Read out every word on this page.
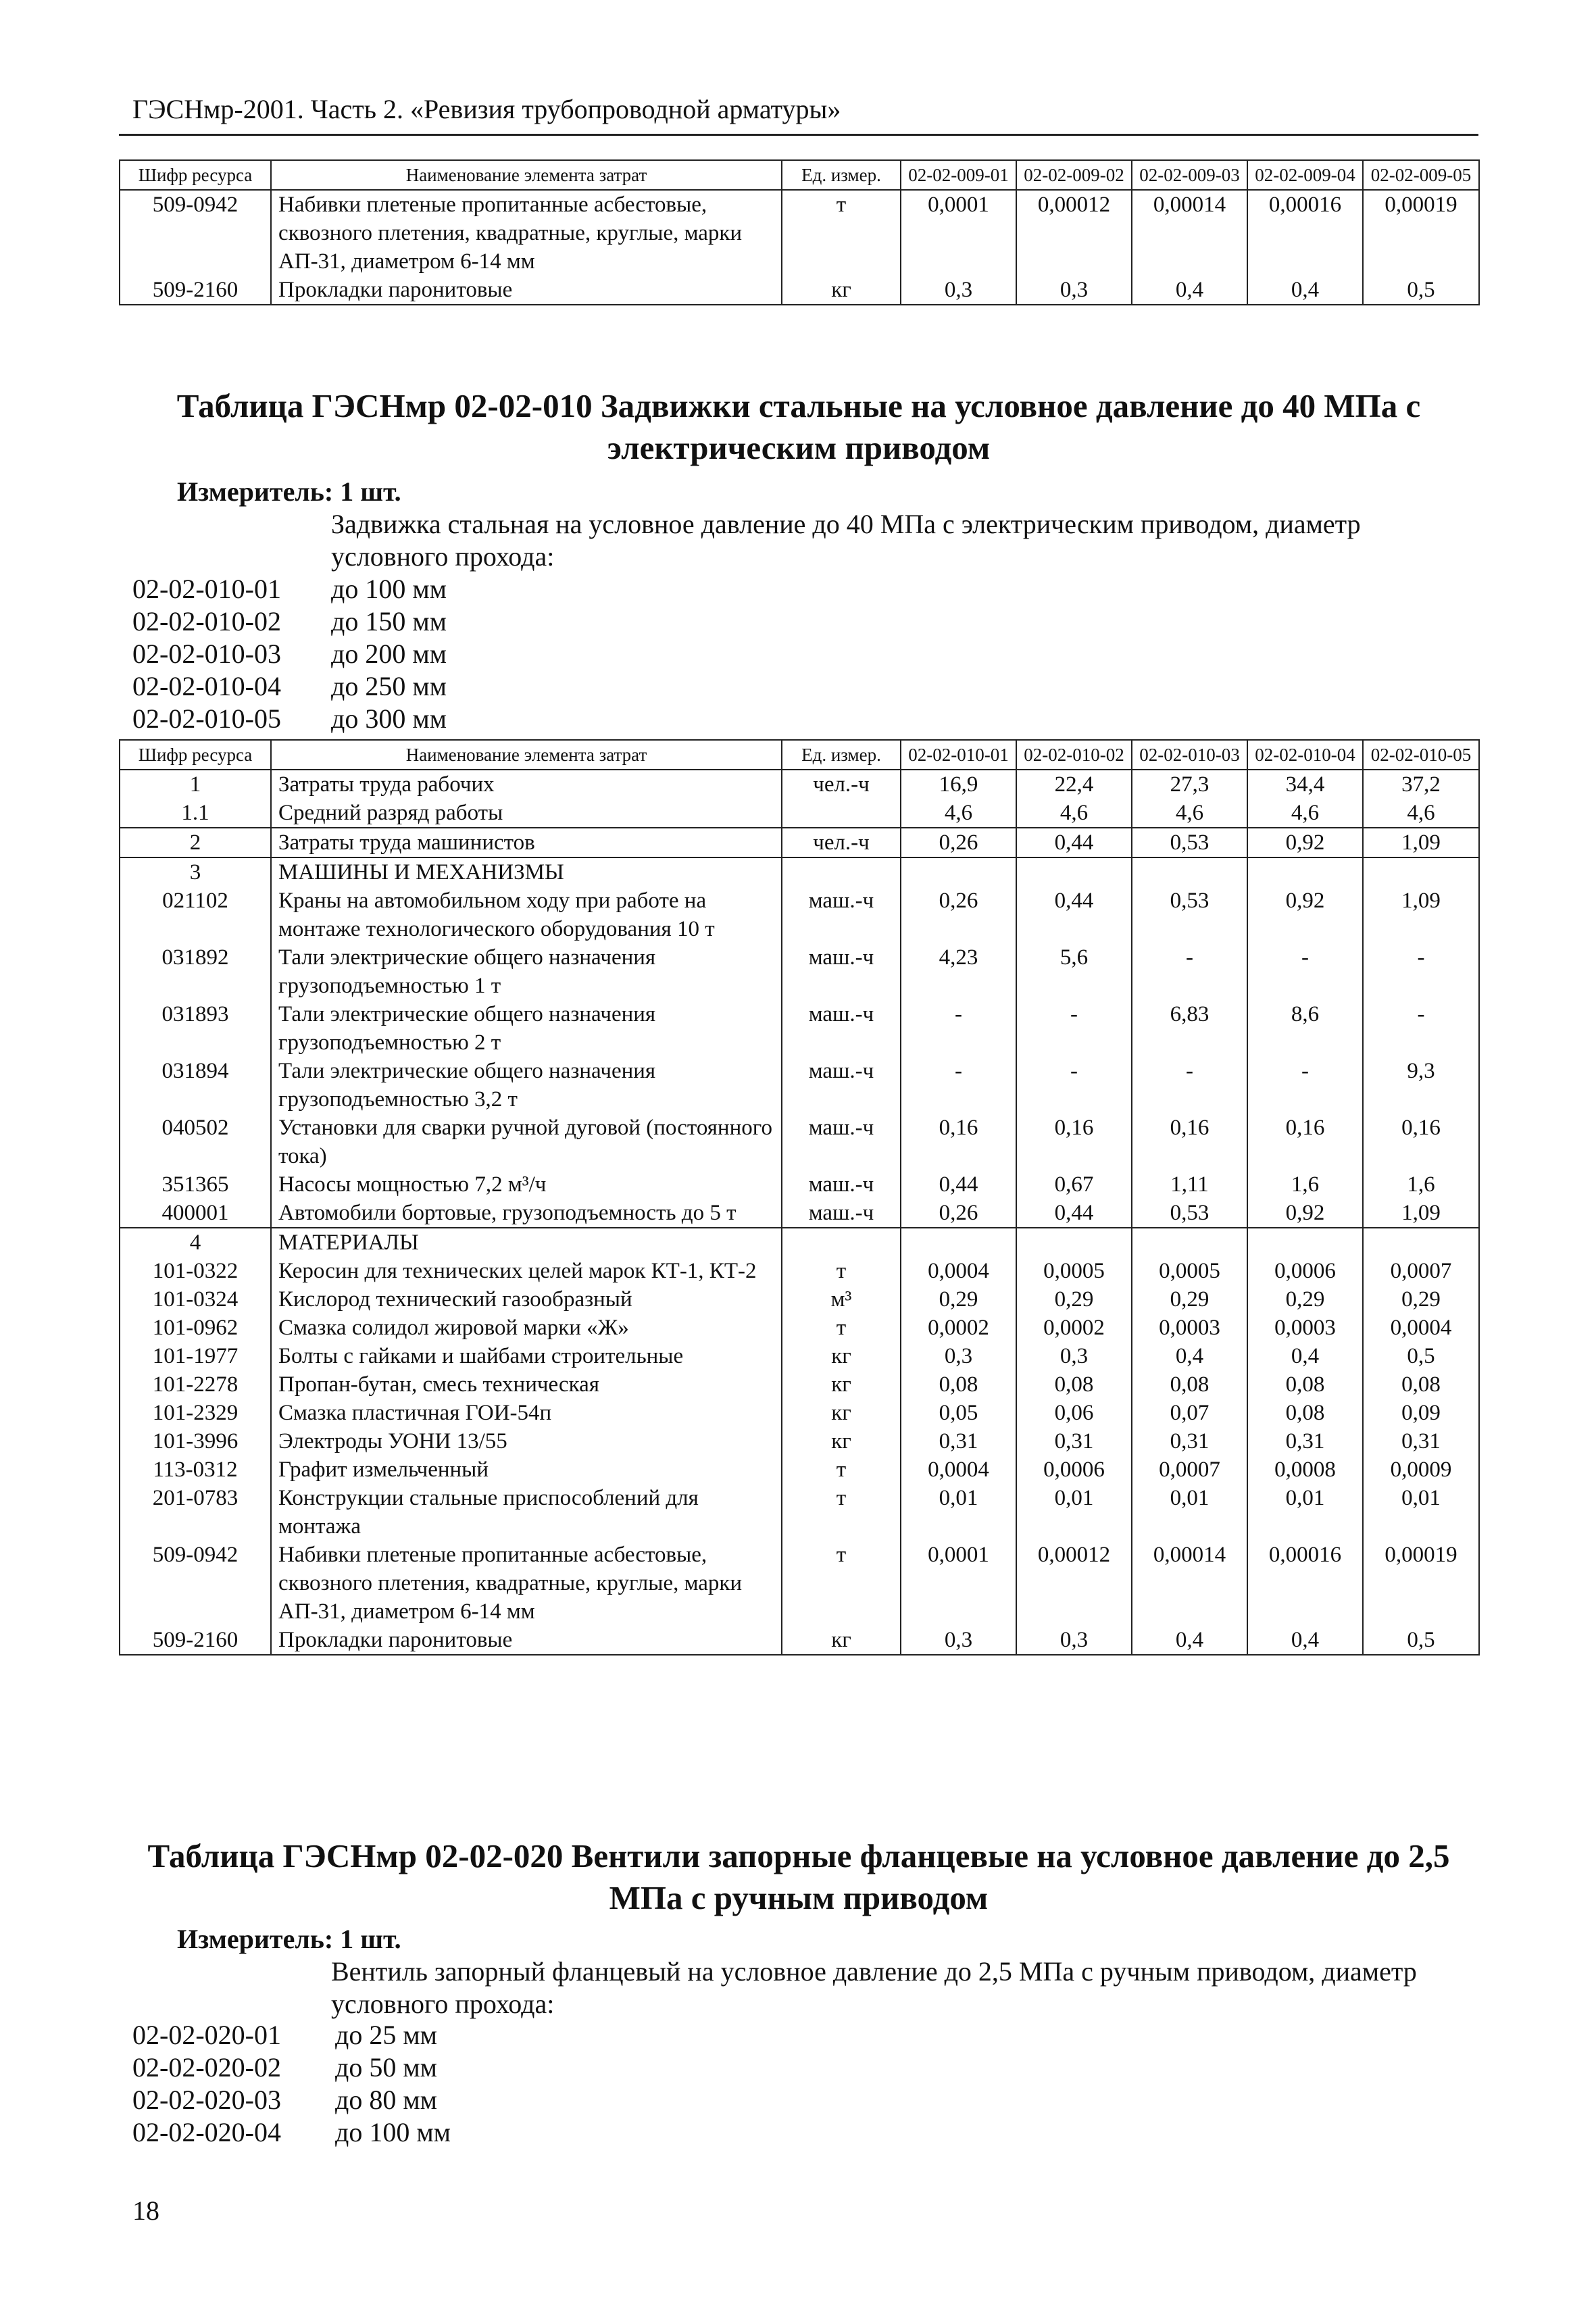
ГЭСНмр-2001. Часть 2. «Ревизия трубопроводной арматуры»
Шифр ресурса	Наименование элемента затрат	Ед. измер.	02-02-009-01	02-02-009-02	02-02-009-03	02-02-009-04	02-02-009-05
509-0942	Набивки плетеные пропитанные асбестовые, сквозного плетения, квадратные, круглые, марки АП-31, диаметром 6-14 мм	т	0,0001	0,00012	0,00014	0,00016	0,00019
509-2160	Прокладки паронитовые	кг	0,3	0,3	0,4	0,4	0,5
Таблица ГЭСНмр 02-02-010 Задвижки стальные на условное давление до 40 МПа с электрическим приводом
Измеритель: 1 шт.
Задвижка стальная на условное давление до 40 МПа с электрическим приводом, диаметр условного прохода:
02-02-010-01	до 100 мм
02-02-010-02	до 150 мм
02-02-010-03	до 200 мм
02-02-010-04	до 250 мм
02-02-010-05	до 300 мм
Шифр ресурса	Наименование элемента затрат	Ед. измер.	02-02-010-01	02-02-010-02	02-02-010-03	02-02-010-04	02-02-010-05
1	Затраты труда рабочих	чел.-ч	16,9	22,4	27,3	34,4	37,2
1.1	Средний разряд работы		4,6	4,6	4,6	4,6	4,6
2	Затраты труда машинистов	чел.-ч	0,26	0,44	0,53	0,92	1,09
3	МАШИНЫ И МЕХАНИЗМЫ						
021102	Краны на автомобильном ходу при работе на монтаже технологического оборудования 10 т	маш.-ч	0,26	0,44	0,53	0,92	1,09
031892	Тали электрические общего назначения грузоподъемностью 1 т	маш.-ч	4,23	5,6	-	-	-
031893	Тали электрические общего назначения грузоподъемностью 2 т	маш.-ч	-	-	6,83	8,6	-
031894	Тали электрические общего назначения грузоподъемностью 3,2 т	маш.-ч	-	-	-	-	9,3
040502	Установки для сварки ручной дуговой (постоянного тока)	маш.-ч	0,16	0,16	0,16	0,16	0,16
351365	Насосы мощностью 7,2 м³/ч	маш.-ч	0,44	0,67	1,11	1,6	1,6
400001	Автомобили бортовые, грузоподъемность до 5 т	маш.-ч	0,26	0,44	0,53	0,92	1,09
4	МАТЕРИАЛЫ						
101-0322	Керосин для технических целей марок КТ-1, КТ-2	т	0,0004	0,0005	0,0005	0,0006	0,0007
101-0324	Кислород технический газообразный	м³	0,29	0,29	0,29	0,29	0,29
101-0962	Смазка солидол жировой марки «Ж»	т	0,0002	0,0002	0,0003	0,0003	0,0004
101-1977	Болты с гайками и шайбами строительные	кг	0,3	0,3	0,4	0,4	0,5
101-2278	Пропан-бутан, смесь техническая	кг	0,08	0,08	0,08	0,08	0,08
101-2329	Смазка пластичная ГОИ-54п	кг	0,05	0,06	0,07	0,08	0,09
101-3996	Электроды УОНИ 13/55	кг	0,31	0,31	0,31	0,31	0,31
113-0312	Графит измельченный	т	0,0004	0,0006	0,0007	0,0008	0,0009
201-0783	Конструкции стальные приспособлений для монтажа	т	0,01	0,01	0,01	0,01	0,01
509-0942	Набивки плетеные пропитанные асбестовые, сквозного плетения, квадратные, круглые, марки АП-31, диаметром 6-14 мм	т	0,0001	0,00012	0,00014	0,00016	0,00019
509-2160	Прокладки паронитовые	кг	0,3	0,3	0,4	0,4	0,5
Таблица ГЭСНмр 02-02-020 Вентили запорные фланцевые на условное давление до 2,5 МПа с ручным приводом
Измеритель: 1 шт.
Вентиль запорный фланцевый на условное давление до 2,5 МПа с ручным приводом, диаметр условного прохода:
02-02-020-01	до 25 мм
02-02-020-02	до 50 мм
02-02-020-03	до 80 мм
02-02-020-04	до 100 мм
18
